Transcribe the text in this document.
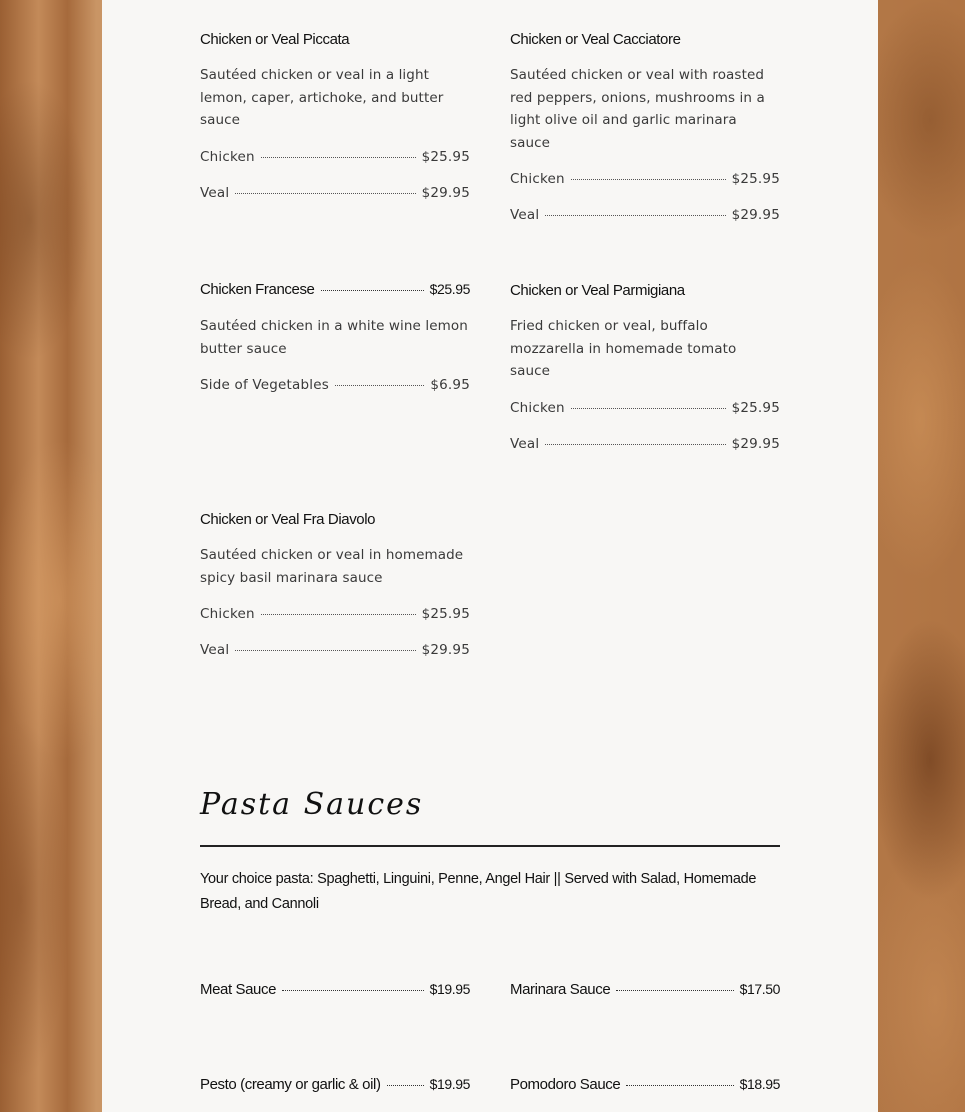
Chicken or Veal Piccata
Sautéed chicken or veal in a light lemon, caper, artichoke, and butter sauce
Chicken	$25.95
Veal	$29.95
Chicken or Veal Cacciatore
Sautéed chicken or veal with roasted red peppers, onions, mushrooms in a light olive oil and garlic marinara sauce
Chicken	$25.95
Veal	$29.95
Chicken Francese	$25.95
Sautéed chicken in a white wine lemon butter sauce
Side of Vegetables	$6.95
Chicken or Veal Parmigiana
Fried chicken or veal, buffalo mozzarella in homemade tomato sauce
Chicken	$25.95
Veal	$29.95
Chicken or Veal Fra Diavolo
Sautéed chicken or veal in homemade spicy basil marinara sauce
Chicken	$25.95
Veal	$29.95
Pasta Sauces
Your choice pasta: Spaghetti, Linguini, Penne, Angel Hair || Served with Salad, Homemade Bread, and Cannoli
Meat Sauce	$19.95	Marinara Sauce	$17.50
Pesto (creamy or garlic & oil)	$19.95	Pomodoro Sauce	$18.95
